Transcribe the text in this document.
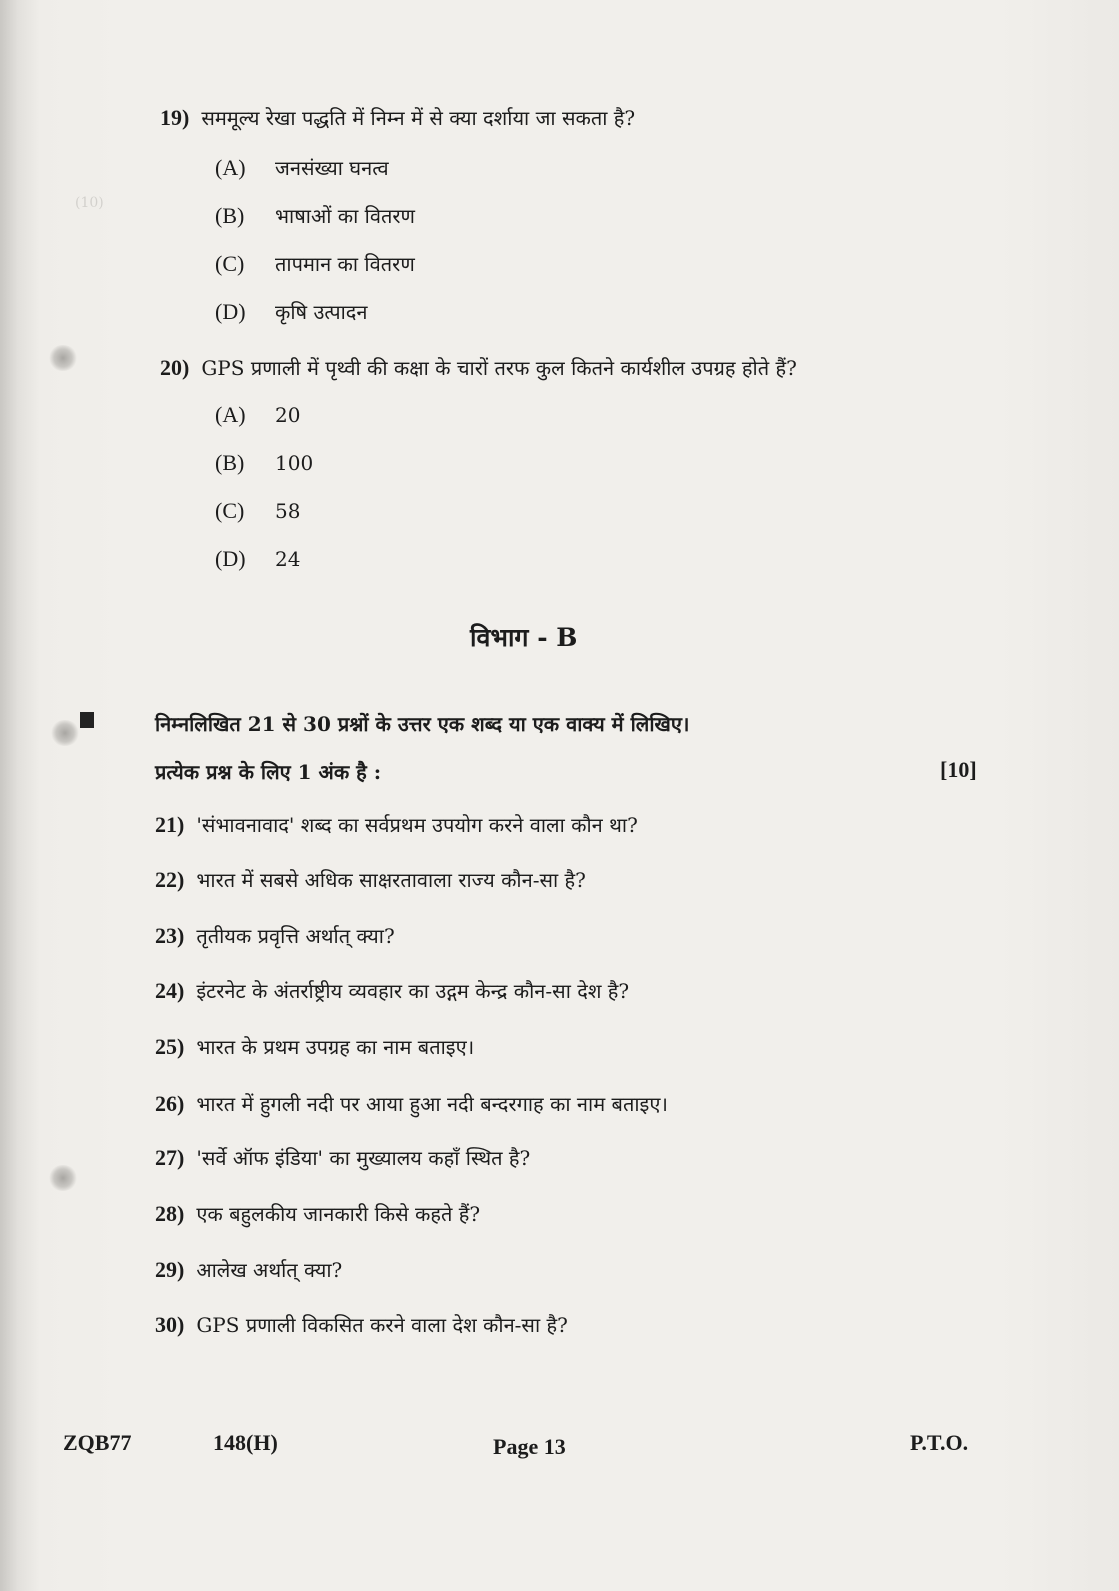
(10)
19) सममूल्य रेखा पद्धति में निम्न में से क्या दर्शाया जा सकता है?
(A) जनसंख्या घनत्व
(B) भाषाओं का वितरण
(C) तापमान का वितरण
(D) कृषि उत्पादन
20) GPS प्रणाली में पृथ्वी की कक्षा के चारों तरफ कुल कितने कार्यशील उपग्रह होते हैं?
(A) 20
(B) 100
(C) 58
(D) 24
विभाग - B
निम्नलिखित 21 से 30 प्रश्नों के उत्तर एक शब्द या एक वाक्य में लिखिए।
प्रत्येक प्रश्न के लिए 1 अंक है :	[10]
21) 'संभावनावाद' शब्द का सर्वप्रथम उपयोग करने वाला कौन था?
22) भारत में सबसे अधिक साक्षरतावाला राज्य कौन-सा है?
23) तृतीयक प्रवृत्ति अर्थात् क्या?
24) इंटरनेट के अंतर्राष्ट्रीय व्यवहार का उद्गम केन्द्र कौन-सा देश है?
25) भारत के प्रथम उपग्रह का नाम बताइए।
26) भारत में हुगली नदी पर आया हुआ नदी बन्दरगाह का नाम बताइए।
27) 'सर्वे ऑफ इंडिया' का मुख्यालय कहाँ स्थित है?
28) एक बहुलकीय जानकारी किसे कहते हैं?
29) आलेख अर्थात् क्या?
30) GPS प्रणाली विकसित करने वाला देश कौन-सा है?
ZQB77	148(H)	Page 13	P.T.O.
